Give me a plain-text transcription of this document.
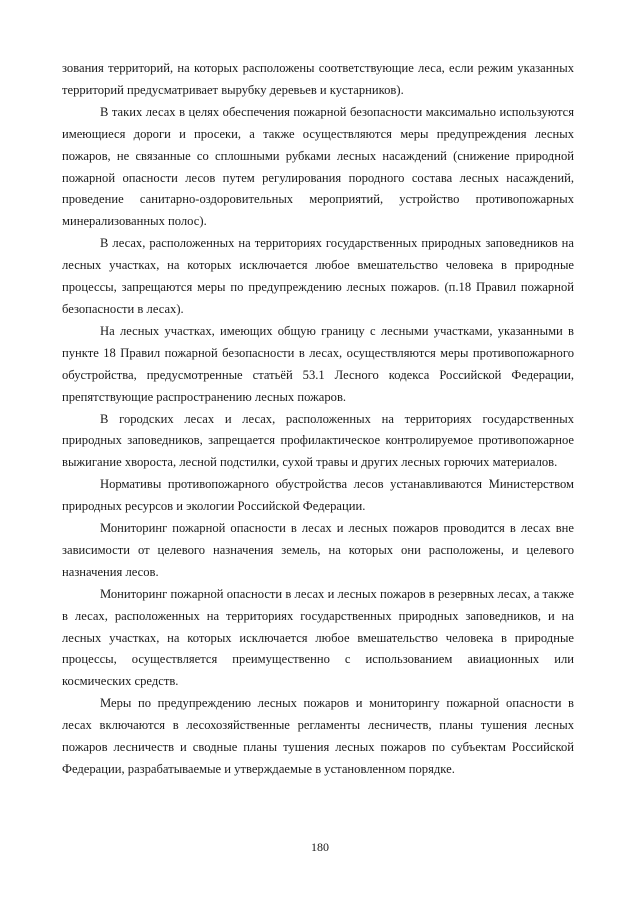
зования территорий, на которых расположены соответствующие леса, если режим указанных территорий предусматривает вырубку деревьев и кустарников).

В таких лесах в целях обеспечения пожарной безопасности максимально используются имеющиеся дороги и просеки, а также осуществляются меры предупреждения лесных пожаров, не связанные со сплошными рубками лесных насаждений (снижение природной пожарной опасности лесов путем регулирования породного состава лесных насаждений, проведение санитарно-оздоровительных мероприятий, устройство противопожарных минерализованных полос).

В лесах, расположенных на территориях государственных природных заповедников на лесных участках, на которых исключается любое вмешательство человека в природные процессы, запрещаются меры по предупреждению лесных пожаров. (п.18 Правил пожарной безопасности в лесах).

На лесных участках, имеющих общую границу с лесными участками, указанными в пункте 18 Правил пожарной безопасности в лесах, осуществляются меры противопожарного обустройства, предусмотренные статьёй 53.1 Лесного кодекса Российской Федерации, препятствующие распространению лесных пожаров.

В городских лесах и лесах, расположенных на территориях государственных природных заповедников, запрещается профилактическое контролируемое противопожарное выжигание хвороста, лесной подстилки, сухой травы и других лесных горючих материалов.

Нормативы противопожарного обустройства лесов устанавливаются Министерством природных ресурсов и экологии Российской Федерации.

Мониторинг пожарной опасности в лесах и лесных пожаров проводится в лесах вне зависимости от целевого назначения земель, на которых они расположены, и целевого назначения лесов.

Мониторинг пожарной опасности в лесах и лесных пожаров в резервных лесах, а также в лесах, расположенных на территориях государственных природных заповедников, и на лесных участках, на которых исключается любое вмешательство человека в природные процессы, осуществляется преимущественно с использованием авиационных или космических средств.

Меры по предупреждению лесных пожаров и мониторингу пожарной опасности в лесах включаются в лесохозяйственные регламенты лесничеств, планы тушения лесных пожаров лесничеств и сводные планы тушения лесных пожаров по субъектам Российской Федерации, разрабатываемые и утверждаемые в установленном порядке.

180
